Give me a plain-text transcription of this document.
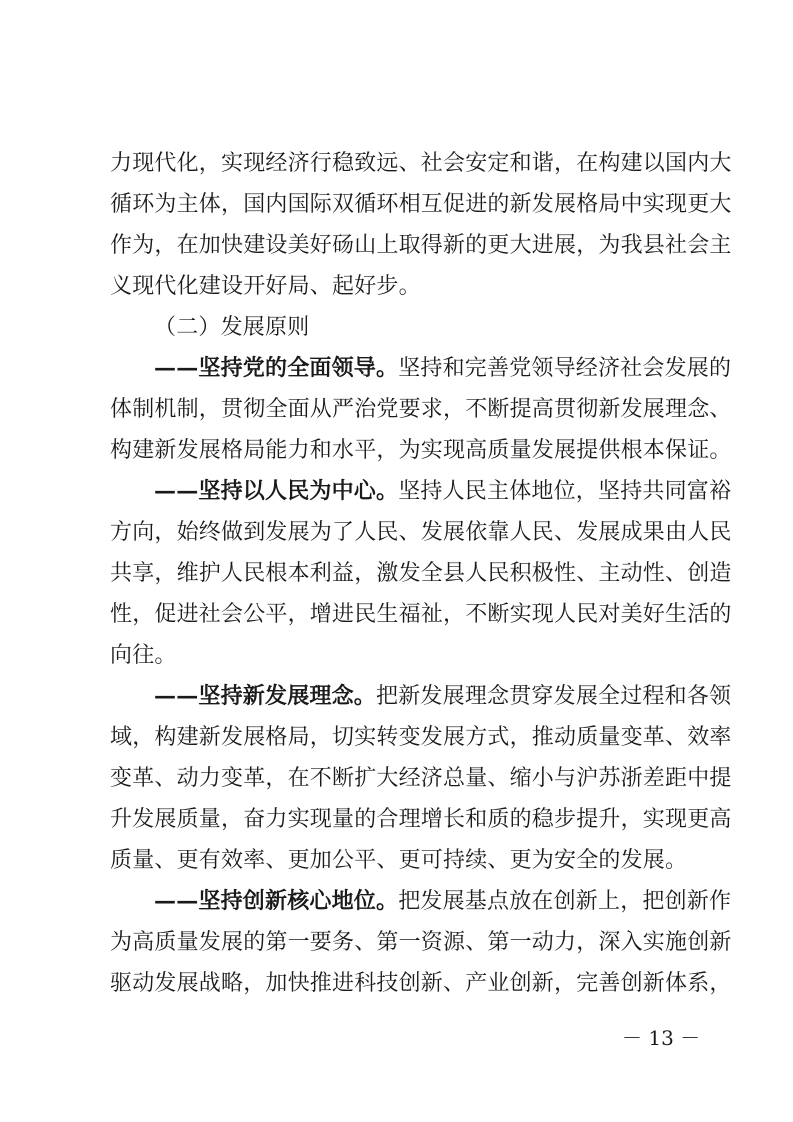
力现代化，实现经济行稳致远、社会安定和谐，在构建以国内大
循环为主体，国内国际双循环相互促进的新发展格局中实现更大
作为，在加快建设美好砀山上取得新的更大进展，为我县社会主
义现代化建设开好局、起好步。
（二）发展原则
——坚持党的全面领导。坚持和完善党领导经济社会发展的
体制机制，贯彻全面从严治党要求，不断提高贯彻新发展理念、
构建新发展格局能力和水平，为实现高质量发展提供根本保证。
——坚持以人民为中心。坚持人民主体地位，坚持共同富裕
方向，始终做到发展为了人民、发展依靠人民、发展成果由人民
共享，维护人民根本利益，激发全县人民积极性、主动性、创造
性，促进社会公平，增进民生福祉，不断实现人民对美好生活的
向往。
——坚持新发展理念。把新发展理念贯穿发展全过程和各领
域，构建新发展格局，切实转变发展方式，推动质量变革、效率
变革、动力变革，在不断扩大经济总量、缩小与沪苏浙差距中提
升发展质量，奋力实现量的合理增长和质的稳步提升，实现更高
质量、更有效率、更加公平、更可持续、更为安全的发展。
——坚持创新核心地位。把发展基点放在创新上，把创新作
为高质量发展的第一要务、第一资源、第一动力，深入实施创新
驱动发展战略，加快推进科技创新、产业创新，完善创新体系，
－ 13 －
